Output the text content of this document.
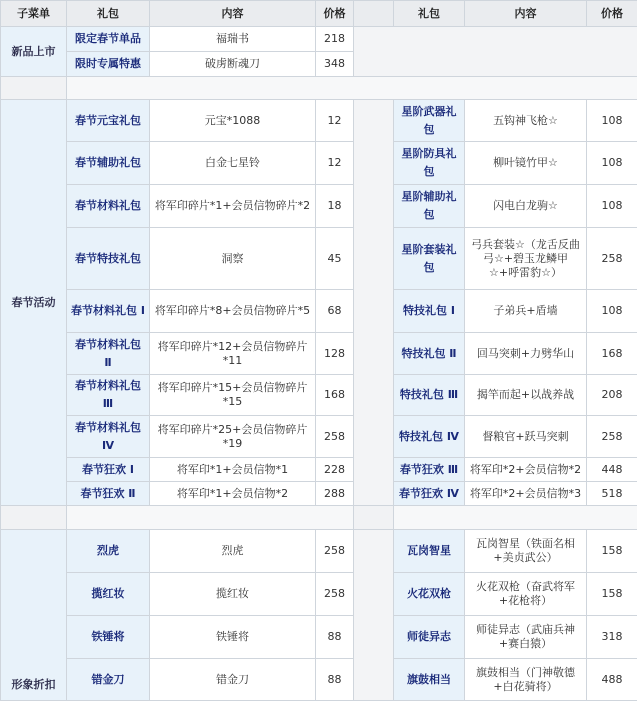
子菜单	礼包	内容	价格		礼包	内容	价格
新品上市	限定春节单品	福瑞书	218				
	限时专属特惠	破虏断魂刀	348				

春节活动	春节元宝礼包	元宝*1088	12		星阶武器礼包	五钩神飞枪☆	108
	春节辅助礼包	白金七星铃	12		星阶防具礼包	柳叶镜竹甲☆	108
	春节材料礼包	将军印碎片*1+会员信物碎片*2	18		星阶辅助礼包	闪电白龙驹☆	108
	春节特技礼包	洞察	45		星阶套装礼包	弓兵套装☆（龙舌反曲弓☆+碧玉龙鳞甲☆+呼雷豹☆）	258
	春节材料礼包 Ⅰ	将军印碎片*8+会员信物碎片*5	68		特技礼包 Ⅰ	子弟兵+盾墙	108
	春节材料礼包 Ⅱ	将军印碎片*12+会员信物碎片*11	128		特技礼包 Ⅱ	回马突刺+力劈华山	168
	春节材料礼包 Ⅲ	将军印碎片*15+会员信物碎片*15	168		特技礼包 Ⅲ	揭竿而起+以战养战	208
	春节材料礼包 Ⅳ	将军印碎片*25+会员信物碎片*19	258		特技礼包 Ⅳ	督粮官+跃马突刺	258
	春节狂欢 Ⅰ	将军印*1+会员信物*1	228		春节狂欢 Ⅲ	将军印*2+会员信物*2	448
	春节狂欢 Ⅱ	将军印*1+会员信物*2	288		春节狂欢 Ⅳ	将军印*2+会员信物*3	518

形象折扣	烈虎	烈虎	258		瓦岗智星	瓦岗智星（铁面名相+美贞武公）	158
	揽红妆	揽红妆	258		火花双枪	火花双枪（奋武将军+花枪将）	158
	铁锤将	铁锤将	88		师徒异志	师徒异志（武庙兵神+赛白猿）	318
	错金刀	错金刀	88		旗鼓相当	旗鼓相当（门神敬德+白花骑将）	488
